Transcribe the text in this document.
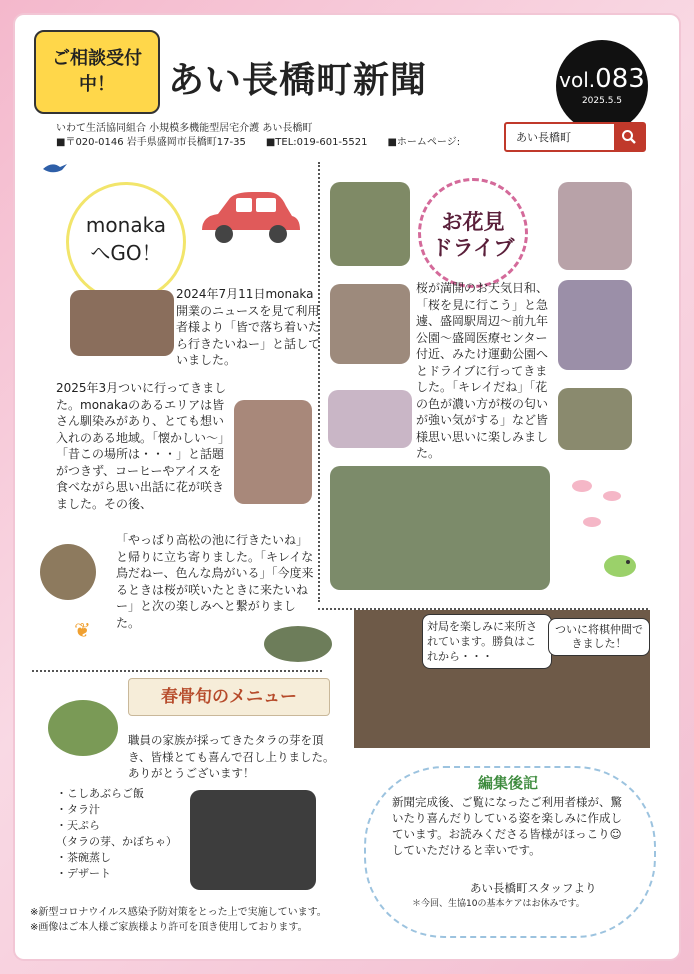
ご相談受付中！	あい長橋町新聞	vol.083
2025.5.5
いわて生活協同組合 小規模多機能型居宅介護 あい長橋町
■〒020-0146 岩手県盛岡市長橋町17-35　　■TEL:019-601-5521　　■ホームページ:	あい長橋町
monaka
へGO！
2024年7月11日monaka開業のニュースを見て利用者様より「皆で落ち着いたら行きたいねー」と話していました。
2025年3月ついに行ってきました。monakaのあるエリアは皆さん馴染みがあり、とても想い入れのある地域。「懐かしい〜」「昔この場所は・・・」と話題がつきず、コーヒーやアイスを食べながら思い出話に花が咲きました。その後、
「やっぱり高松の池に行きたいね」と帰りに立ち寄りました。「キレイな鳥だねー、色んな鳥がいる」「今度来るときは桜が咲いたときに来たいねー」と次の楽しみへと繋がりました。
❦
お花見
ドライブ
桜が満開のお天気日和、「桜を見に行こう」と急遽、盛岡駅周辺〜前九年公園〜盛岡医療センター付近、みたけ運動公園へとドライブに行ってきました。「キレイだね」「花の色が濃い方が桜の匂いが強い気がする」など皆様思い思いに楽しみました。
対局を楽しみに来所されています。勝負はこれから・・・
ついに将棋仲間できました！
春骨旬のメニュー
職員の家族が採ってきたタラの芽を頂き、皆様とても喜んで召し上りました。ありがとうございます！
・こしあぶらご飯
・タラ汁
・天ぷら
（タラの芽、かぼちゃ）
・茶碗蒸し
・デザート
編集後記
新聞完成後、ご覧になったご利用者様が、驚いたり喜んだりしている姿を楽しみに作成しています。お読みくださる皆様がほっこり☺していただけると幸いです。
あい長橋町スタッフより
＊今回、生協10の基本ケアはお休みです。
※新型コロナウイルス感染予防対策をとった上で実施しています。
※画像はご本人様ご家族様より許可を頂き使用しております。
